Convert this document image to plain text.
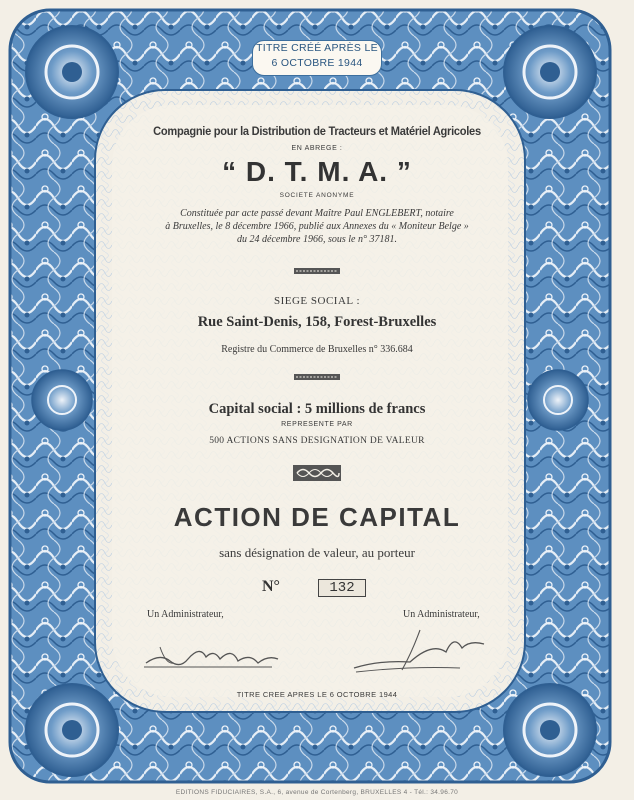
TITRE CRÉÉ APRÈS LE
6 OCTOBRE 1944
Compagnie pour la Distribution de Tracteurs et Matériel Agricoles
EN ABREGE :
“ D. T. M. A. ”
SOCIETE ANONYME
Constituée par acte passé devant Maître Paul ENGLEBERT, notaire
à Bruxelles, le 8 décembre 1966, publié aux Annexes du « Moniteur Belge »
du 24 décembre 1966, sous le n° 37181.
SIEGE SOCIAL :
Rue Saint-Denis, 158, Forest-Bruxelles
Registre du Commerce de Bruxelles n° 336.684
Capital social : 5 millions de francs
REPRESENTE PAR
500 ACTIONS SANS DESIGNATION DE VALEUR
ACTION DE CAPITAL
sans désignation de valeur, au porteur
N°	132
Un Administrateur,	Un Administrateur,
TITRE CREE APRES LE 6 OCTOBRE 1944
EDITIONS FIDUCIAIRES, S.A., 6, avenue de Cortenberg, BRUXELLES 4 - Tél.: 34.96.70
